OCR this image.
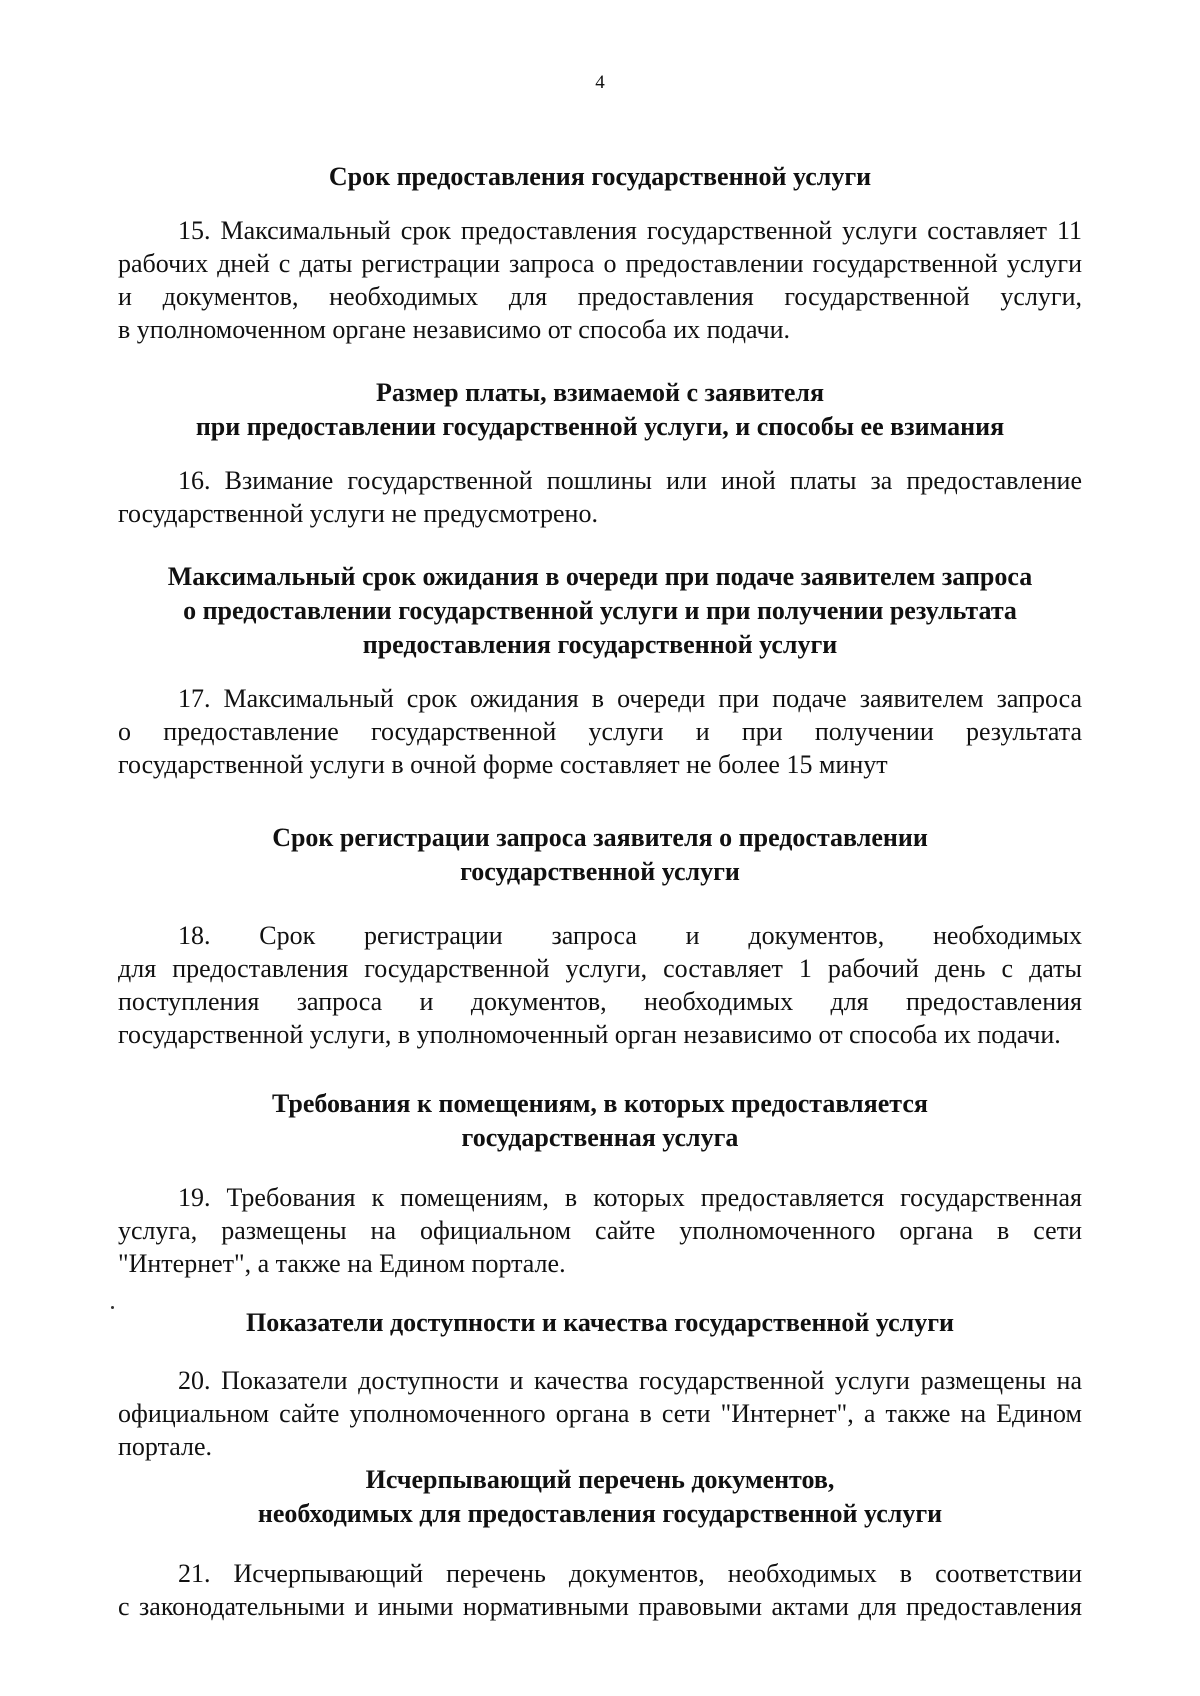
4
Срок предоставления государственной услуги

15. Максимальный срок предоставления государственной услуги составляет 11
рабочих дней с даты регистрации запроса о предоставлении государственной услуги
и документов, необходимых для предоставления государственной услуги,
в уполномоченном органе независимо от способа их подачи.

Размер платы, взимаемой с заявителя
при предоставлении государственной услуги, и способы ее взимания

16. Взимание государственной пошлины или иной платы за предоставление
государственной услуги не предусмотрено.

Максимальный срок ожидания в очереди при подаче заявителем запроса
о предоставлении государственной услуги и при получении результата
предоставления государственной услуги

17. Максимальный срок ожидания в очереди при подаче заявителем запроса
о предоставление государственной услуги и при получении результата
государственной услуги в очной форме составляет не более 15 минут

Срок регистрации запроса заявителя о предоставлении
государственной услуги

18. Срок регистрации запроса и документов, необходимых
для предоставления государственной услуги, составляет 1 рабочий день с даты
поступления запроса и документов, необходимых для предоставления
государственной услуги, в уполномоченный орган независимо от способа их подачи.

Требования к помещениям, в которых предоставляется
государственная услуга

19. Требования к помещениям, в которых предоставляется государственная
услуга, размещены на официальном сайте уполномоченного органа в сети
"Интернет", а также на Едином портале.

Показатели доступности и качества государственной услуги

20. Показатели доступности и качества государственной услуги размещены на
официальном сайте уполномоченного органа в сети "Интернет", а также на Едином
портале.

Исчерпывающий перечень документов,
необходимых для предоставления государственной услуги

21. Исчерпывающий перечень документов, необходимых в соответствии
с законодательными и иными нормативными правовыми актами для предоставления
